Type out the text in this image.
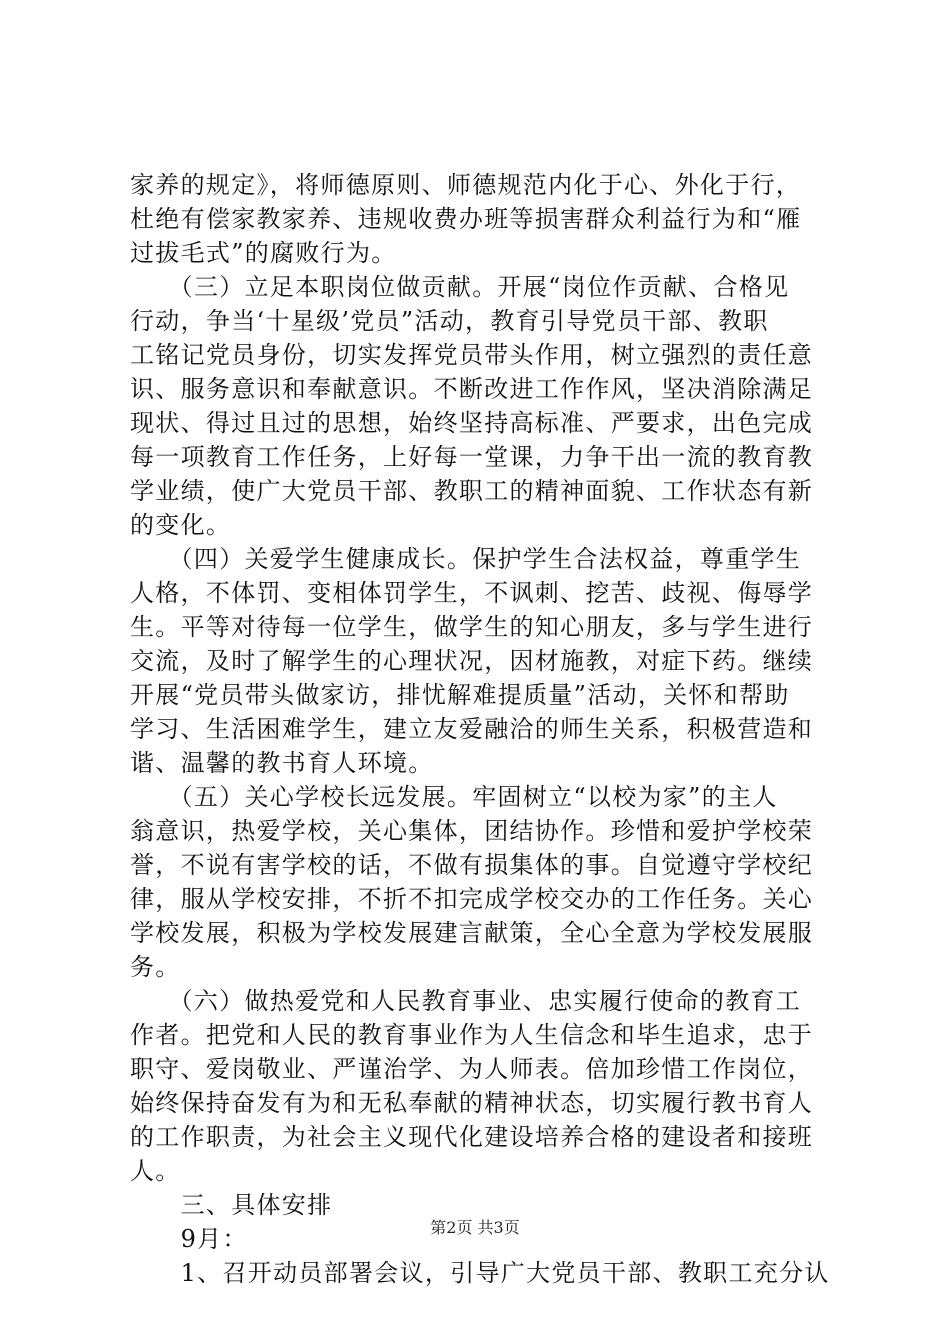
家养的规定》，将师德原则、师德规范内化于心、外化于行，
杜绝有偿家教家养、违规收费办班等损害群众利益行为和“雁
过拔毛式”的腐败行为。
　　（三）立足本职岗位做贡献。开展“岗位作贡献、合格见
行动，争当‘十星级’党员”活动，教育引导党员干部、教职
工铭记党员身份，切实发挥党员带头作用，树立强烈的责任意
识、服务意识和奉献意识。不断改进工作作风，坚决消除满足
现状、得过且过的思想，始终坚持高标准、严要求，出色完成
每一项教育工作任务，上好每一堂课，力争干出一流的教育教
学业绩，使广大党员干部、教职工的精神面貌、工作状态有新
的变化。
　　（四）关爱学生健康成长。保护学生合法权益，尊重学生
人格，不体罚、变相体罚学生，不讽刺、挖苦、歧视、侮辱学
生。平等对待每一位学生，做学生的知心朋友，多与学生进行
交流，及时了解学生的心理状况，因材施教，对症下药。继续
开展“党员带头做家访，排忧解难提质量”活动，关怀和帮助
学习、生活困难学生，建立友爱融洽的师生关系，积极营造和
谐、温馨的教书育人环境。
　　（五）关心学校长远发展。牢固树立“以校为家”的主人
翁意识，热爱学校，关心集体，团结协作。珍惜和爱护学校荣
誉，不说有害学校的话，不做有损集体的事。自觉遵守学校纪
律，服从学校安排，不折不扣完成学校交办的工作任务。关心
学校发展，积极为学校发展建言献策，全心全意为学校发展服
务。
　　（六）做热爱党和人民教育事业、忠实履行使命的教育工
作者。把党和人民的教育事业作为人生信念和毕生追求，忠于
职守、爱岗敬业、严谨治学、为人师表。倍加珍惜工作岗位，
始终保持奋发有为和无私奉献的精神状态，切实履行教书育人
的工作职责，为社会主义现代化建设培养合格的建设者和接班
人。
　　三、具体安排
　　9月：
　　1、召开动员部署会议，引导广大党员干部、教职工充分认
第2页 共3页
